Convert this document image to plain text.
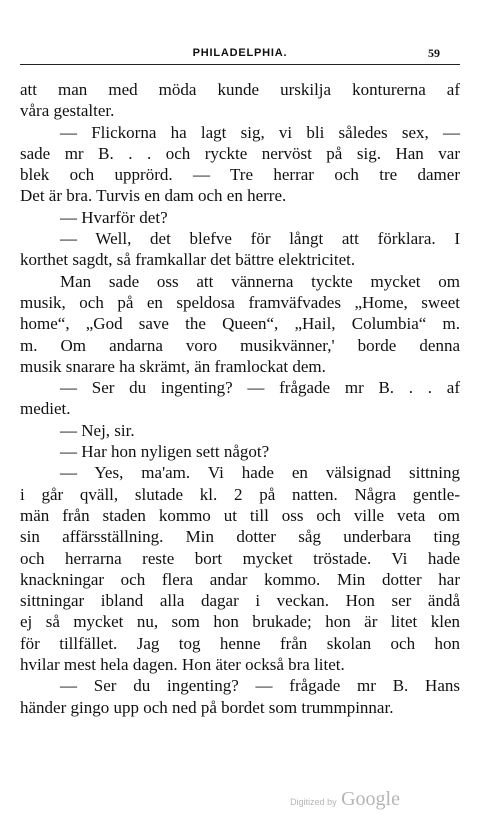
PHILADELPHIA.	59
att man med möda kunde urskilja konturerna af
våra gestalter.
— Flickorna ha lagt sig, vi bli således sex, —
sade mr B. . . och ryckte nervöst på sig. Han var
blek och upprörd. — Tre herrar och tre damer
Det är bra. Turvis en dam och en herre.
— Hvarför det?
— Well, det blefve för långt att förklara. I
korthet sagdt, så framkallar det bättre elektricitet.
Man sade oss att vännerna tyckte mycket om
musik, och på en speldosa framväfvades „Home, sweet
home“, „God save the Queen“, „Hail, Columbia“ m.
m. Om andarna voro musikvänner,' borde denna
musik snarare ha skrämt, än framlockat dem.
— Ser du ingenting? — frågade mr B. . . af
mediet.
— Nej, sir.
— Har hon nyligen sett något?
— Yes, ma'am. Vi hade en välsignad sittning
i går qväll, slutade kl. 2 på natten. Några gentle-
män från staden kommo ut till oss och ville veta om
sin affärsställning. Min dotter såg underbara ting
och herrarna reste bort mycket tröstade. Vi hade
knackningar och flera andar kommo. Min dotter har
sittningar ibland alla dagar i veckan. Hon ser ändå
ej så mycket nu, som hon brukade; hon är litet klen
för tillfället. Jag tog henne från skolan och hon
hvilar mest hela dagen. Hon äter också bra litet.
— Ser du ingenting? — frågade mr B. Hans
händer gingo upp och ned på bordet som trummpinnar.
Digitized by Google
